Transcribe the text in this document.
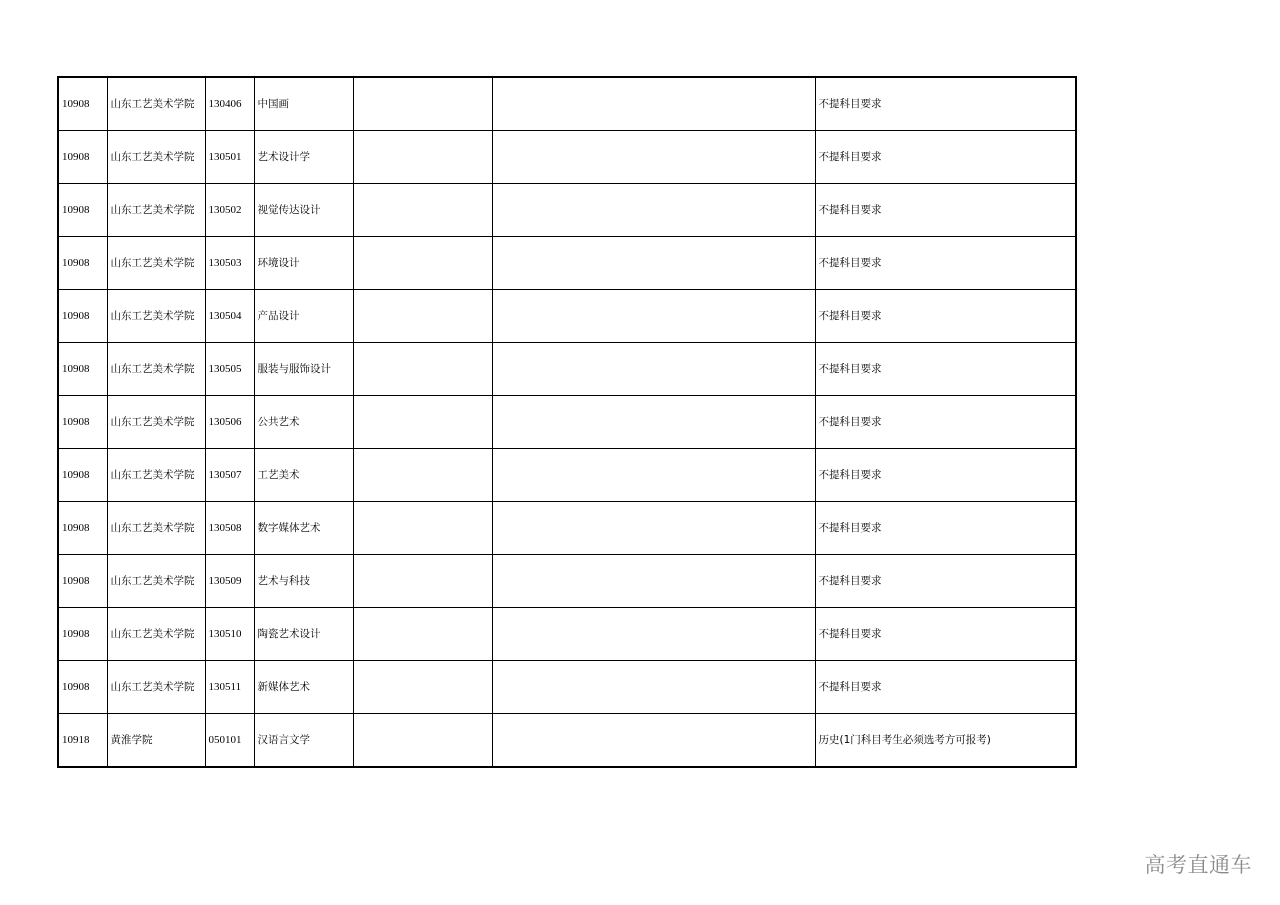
10908	山东工艺美术学院	130406	中国画			不提科目要求
10908	山东工艺美术学院	130501	艺术设计学			不提科目要求
10908	山东工艺美术学院	130502	视觉传达设计			不提科目要求
10908	山东工艺美术学院	130503	环境设计			不提科目要求
10908	山东工艺美术学院	130504	产品设计			不提科目要求
10908	山东工艺美术学院	130505	服装与服饰设计			不提科目要求
10908	山东工艺美术学院	130506	公共艺术			不提科目要求
10908	山东工艺美术学院	130507	工艺美术			不提科目要求
10908	山东工艺美术学院	130508	数字媒体艺术			不提科目要求
10908	山东工艺美术学院	130509	艺术与科技			不提科目要求
10908	山东工艺美术学院	130510	陶瓷艺术设计			不提科目要求
10908	山东工艺美术学院	130511	新媒体艺术			不提科目要求
10918	黄淮学院	050101	汉语言文学			历史(1门科目考生必须选考方可报考)
高考直通车
